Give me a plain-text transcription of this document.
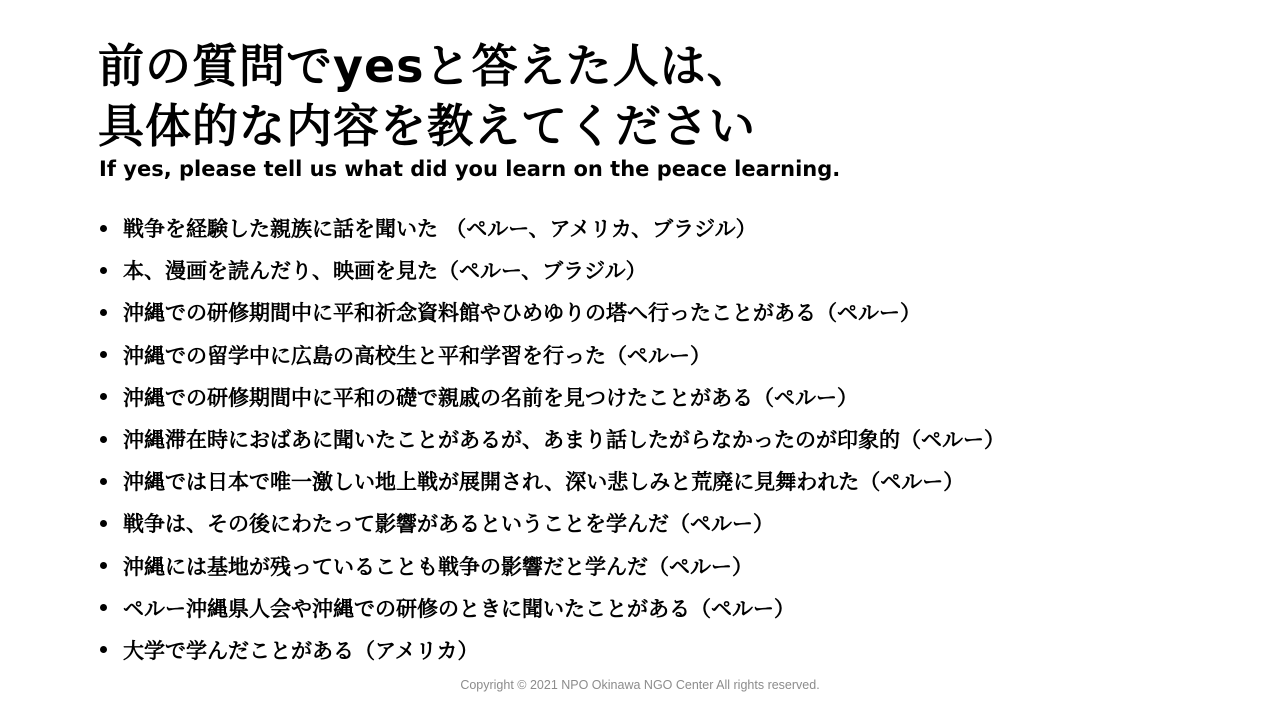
前の質問でyesと答えた人は、
具体的な内容を教えてください
If yes, please tell us what did you learn on the peace learning.
戦争を経験した親族に話を聞いた （ペルー、アメリカ、ブラジル）
本、漫画を読んだり、映画を見た（ペルー、ブラジル）
沖縄での研修期間中に平和祈念資料館やひめゆりの塔へ行ったことがある（ペルー）
沖縄での留学中に広島の高校生と平和学習を行った（ペルー）
沖縄での研修期間中に平和の礎で親戚の名前を見つけたことがある（ペルー）
沖縄滞在時におばあに聞いたことがあるが、あまり話したがらなかったのが印象的（ペルー）
沖縄では日本で唯一激しい地上戦が展開され、深い悲しみと荒廃に見舞われた（ペルー）
戦争は、その後にわたって影響があるということを学んだ（ペルー）
沖縄には基地が残っていることも戦争の影響だと学んだ（ペルー）
ペルー沖縄県人会や沖縄での研修のときに聞いたことがある（ペルー）
大学で学んだことがある（アメリカ）
Copyright © 2021 NPO Okinawa NGO Center All rights reserved.
